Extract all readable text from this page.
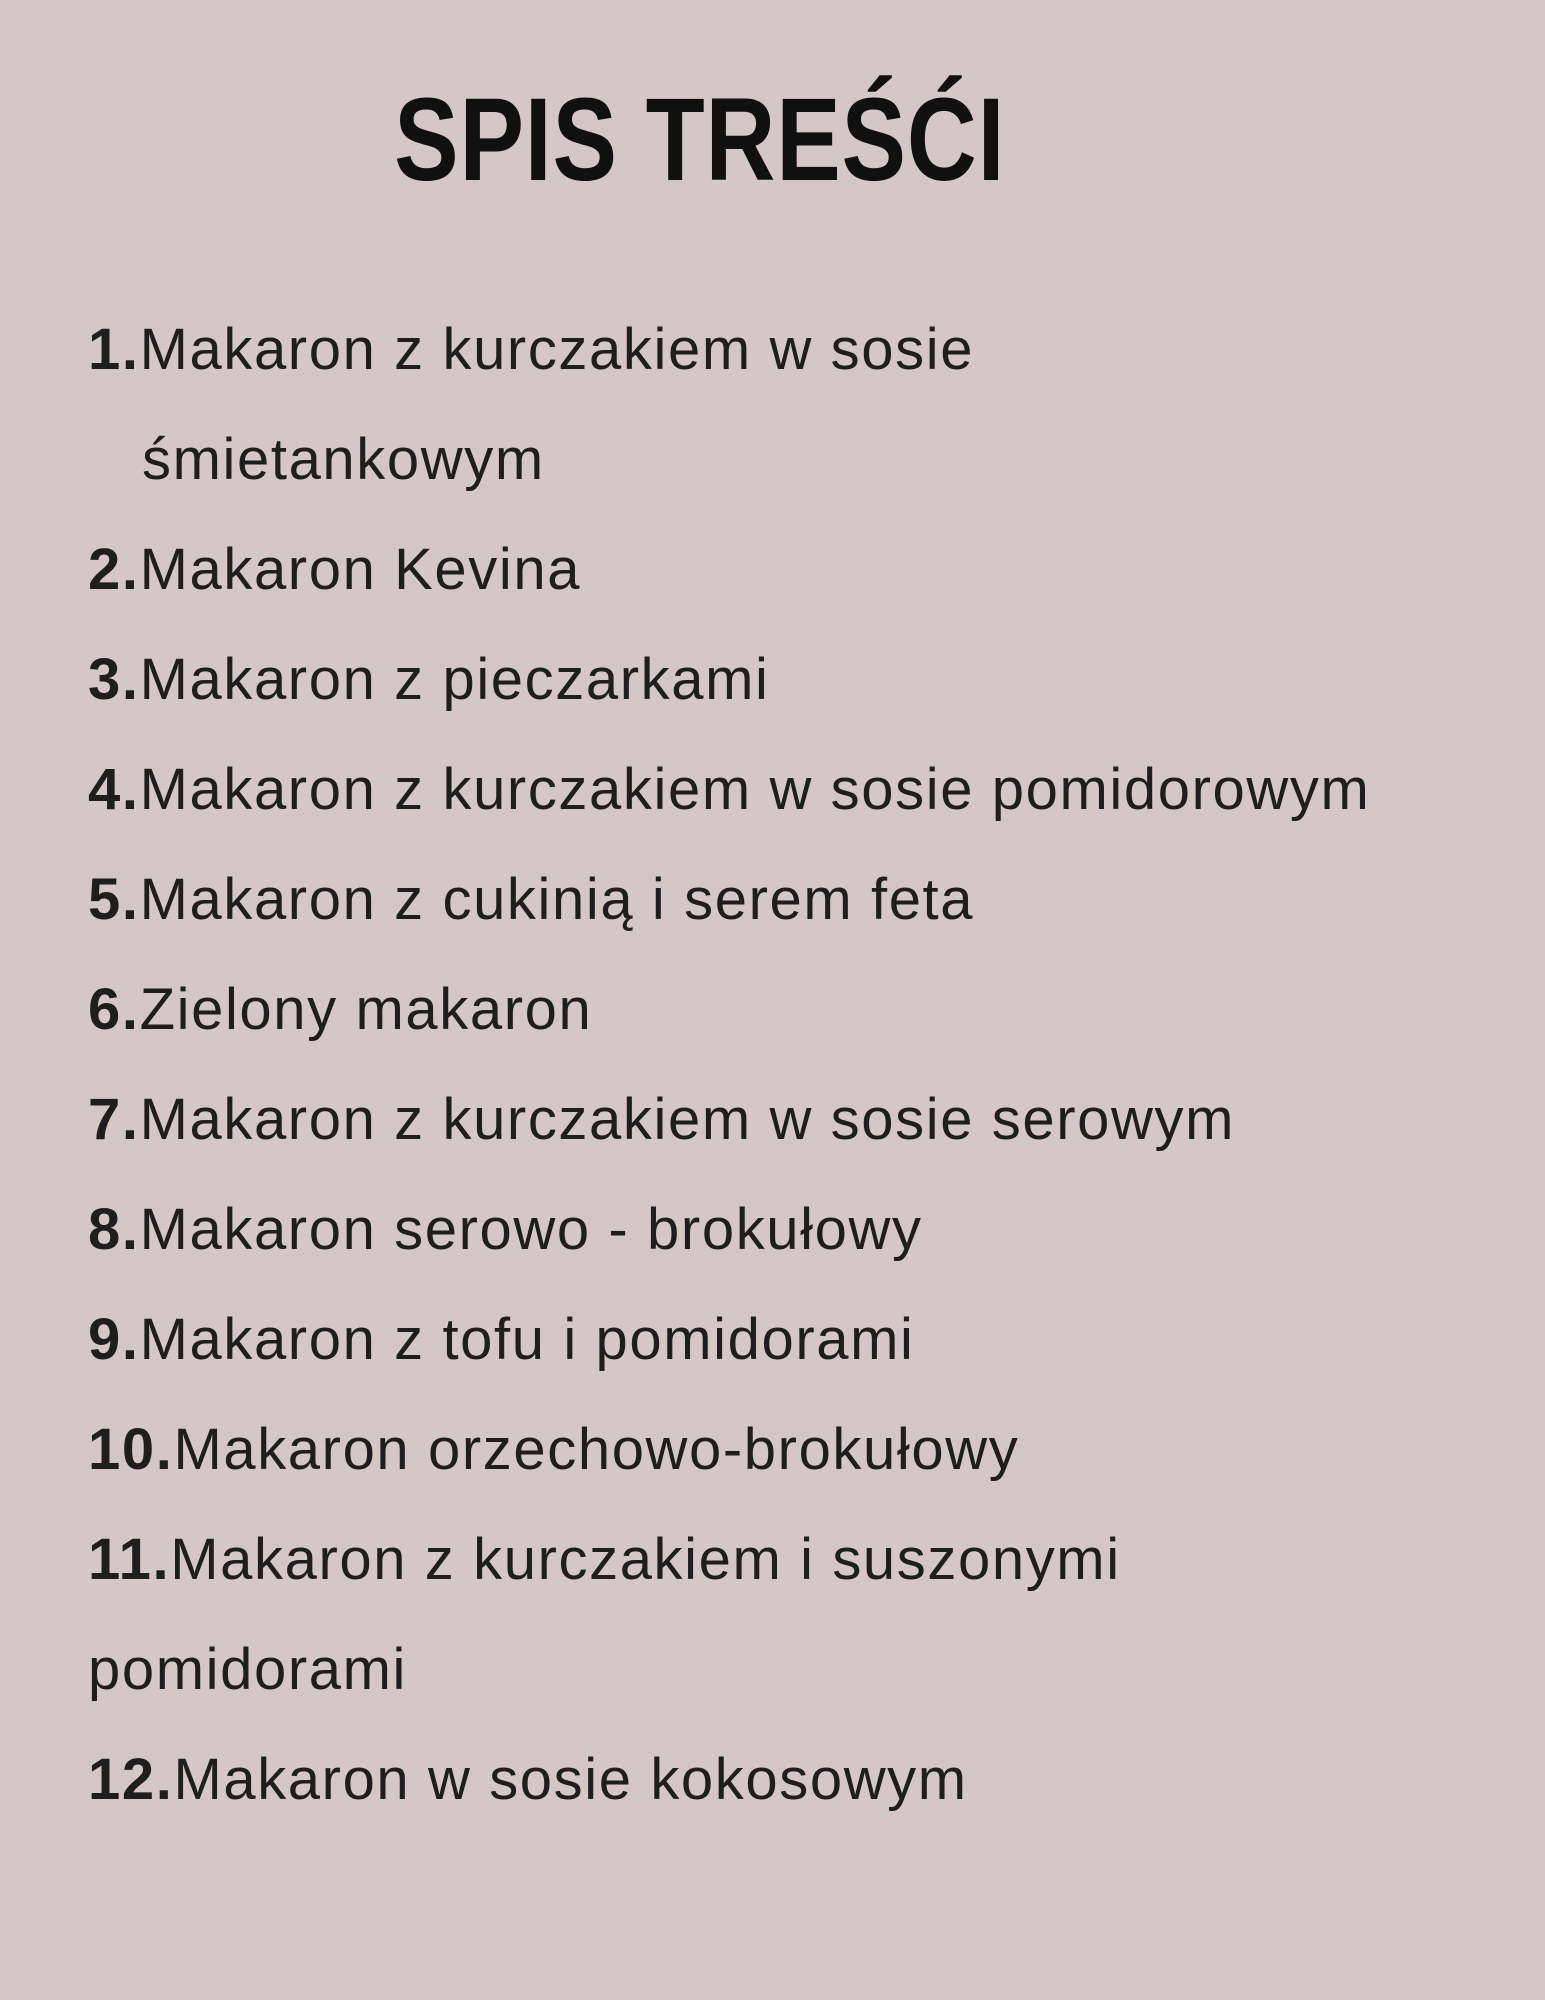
SPIS TREŚĆI
1.Makaron z kurczakiem w sosie
śmietankowym
2.Makaron Kevina
3.Makaron z pieczarkami
4.Makaron z kurczakiem w sosie pomidorowym
5.Makaron z cukinią i serem feta
6.Zielony makaron
7.Makaron z kurczakiem w sosie serowym
8.Makaron serowo - brokułowy
9.Makaron z tofu i pomidorami
10.Makaron orzechowo-brokułowy
11.Makaron z kurczakiem i suszonymi
pomidorami
12.Makaron w sosie kokosowym
